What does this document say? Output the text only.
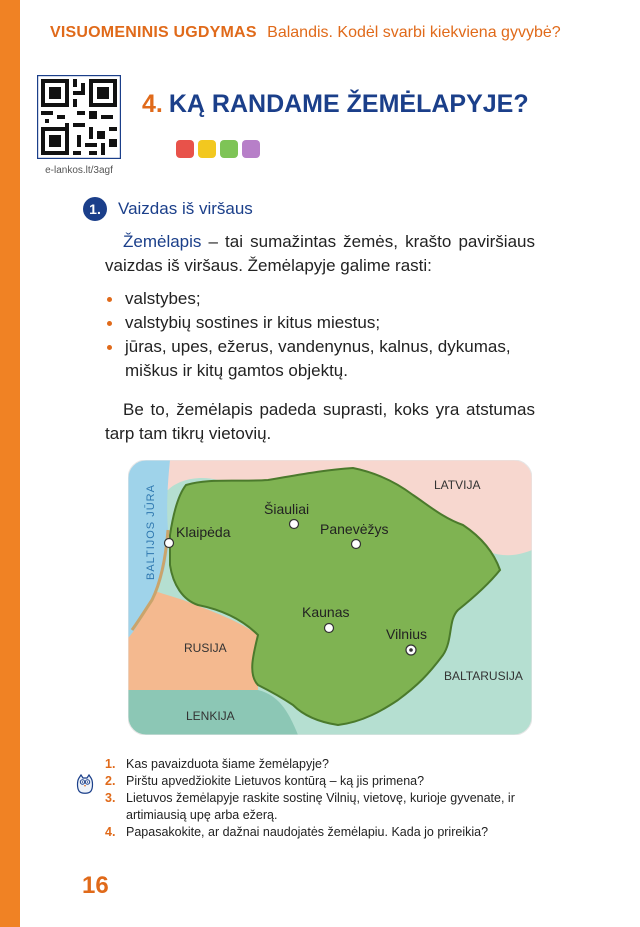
VISUOMENINIS UGDYMAS Balandis. Kodėl svarbi kiekviena gyvybė?
e-lankos.lt/3agf
4. KĄ RANDAME ŽEMĖLAPYJE?
1.	Vaizdas iš viršaus
Žemėlapis – tai sumažintas žemės, krašto paviršiaus vaizdas iš viršaus. Žemėlapyje galime rasti:
valstybes;
valstybių sostines ir kitus miestus;
jūras, upes, ežerus, vandenynus, kalnus, dykumas, miškus ir kitų gamtos objektų.
Be to, žemėlapis padeda suprasti, koks yra atstumas tarp tam tikrų vietovių.
BALTIJOS JŪRA	LATVIJA
RUSIJA
BALTARUSIJA
LENKIJA
Klaipėda
Šiauliai
Panevėžys
Kaunas
Vilnius
1. Kas pavaizduota šiame žemėlapyje?
2. Pirštu apvedžiokite Lietuvos kontūrą – ką jis primena?
3. Lietuvos žemėlapyje raskite sostinę Vilnių, vietovę, kurioje gyvenate, ir artimiausią upę arba ežerą.
4. Papasakokite, ar dažnai naudojatės žemėlapiu. Kada jo prireikia?
16
